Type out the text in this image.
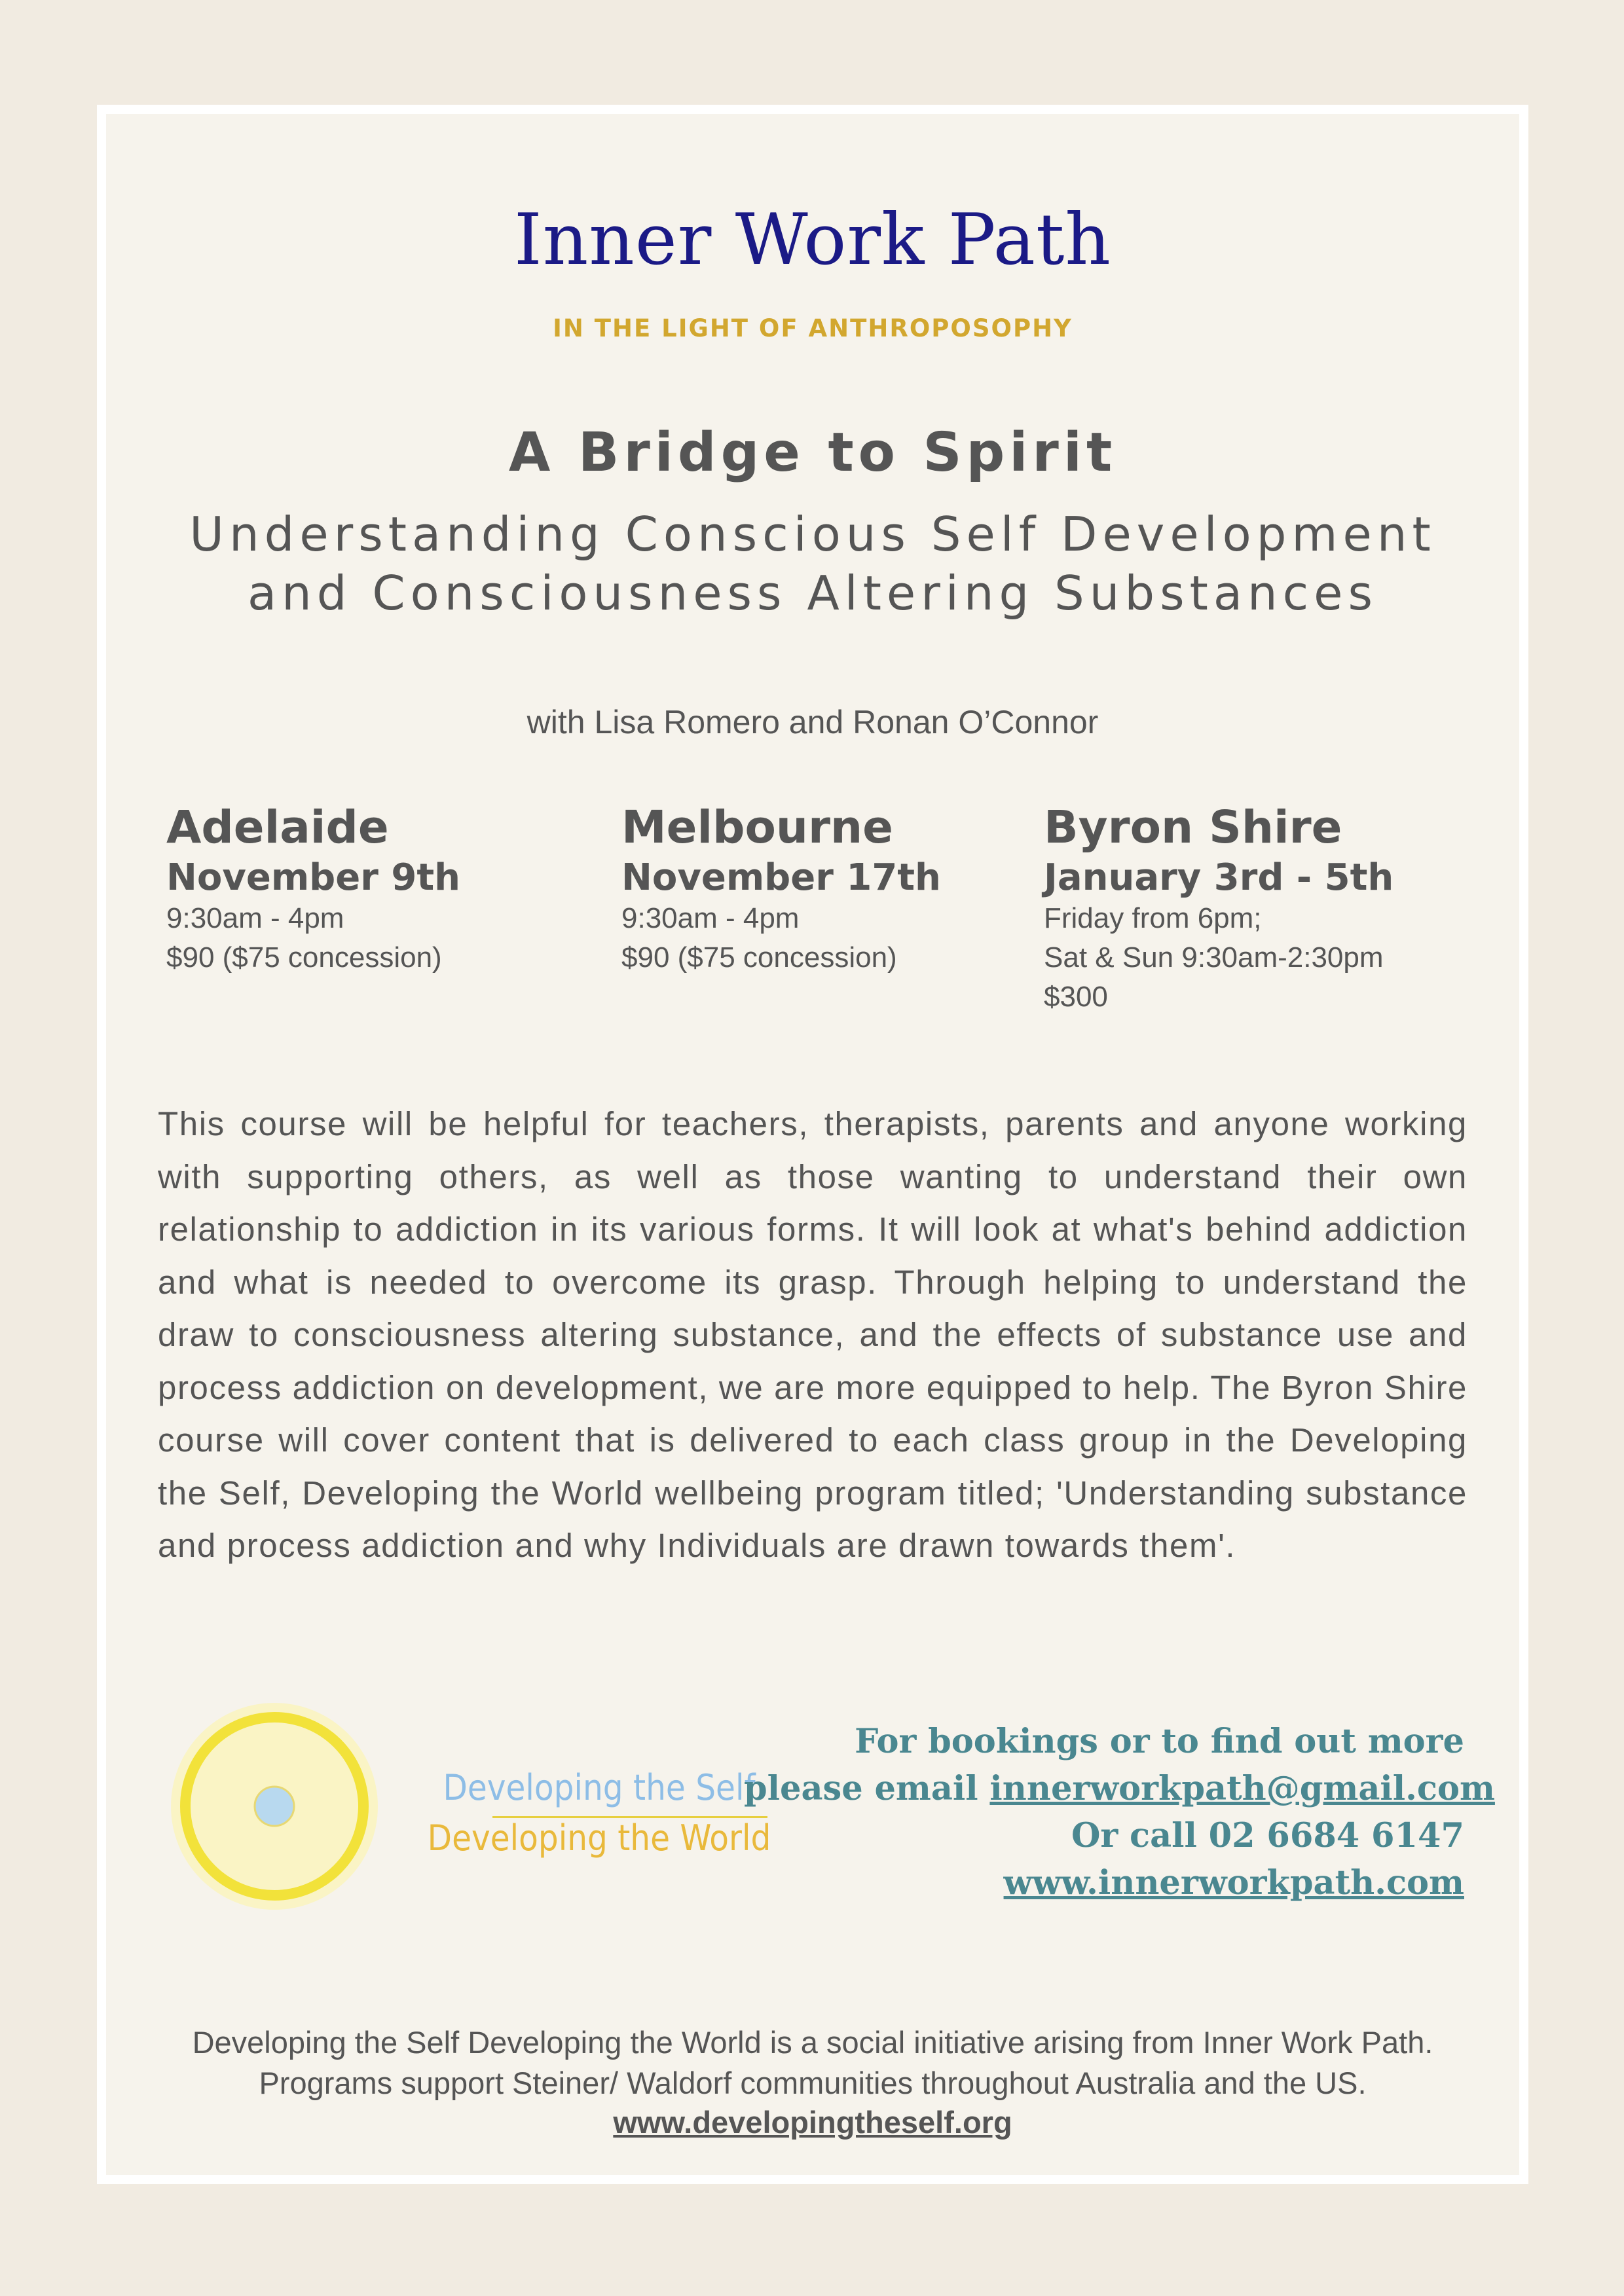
Inner Work Path
IN THE LIGHT OF ANTHROPOSOPHY
A Bridge to Spirit
Understanding Conscious Self Development
and Consciousness Altering Substances
with Lisa Romero and Ronan O’Connor
Adelaide
November 9th
9:30am - 4pm
$90 ($75 concession)
Melbourne
November 17th
9:30am - 4pm
$90 ($75 concession)
Byron Shire
January 3rd - 5th
Friday from 6pm;
Sat & Sun 9:30am-2:30pm
$300
This course will be helpful for teachers, therapists, parents and anyone working with supporting others, as well as those wanting to understand their own relationship to addiction in its various forms. It will look at what's behind addiction and what is needed to overcome its grasp. Through helping to understand the draw to consciousness altering substance, and the effects of substance use and process addiction on development, we are more equipped to help. The Byron Shire course will cover content that is delivered to each class group in the Developing the Self, Developing the World wellbeing program titled; 'Understanding substance and process addiction and why Individuals are drawn towards them'.
Developing the Self
Developing the World
For bookings or to find out more
please email innerworkpath@gmail.com
Or call 02 6684 6147
www.innerworkpath.com
Developing the Self Developing the World is a social initiative arising from Inner Work Path.
Programs support Steiner/ Waldorf communities throughout Australia and the US.
www.developingtheself.org
